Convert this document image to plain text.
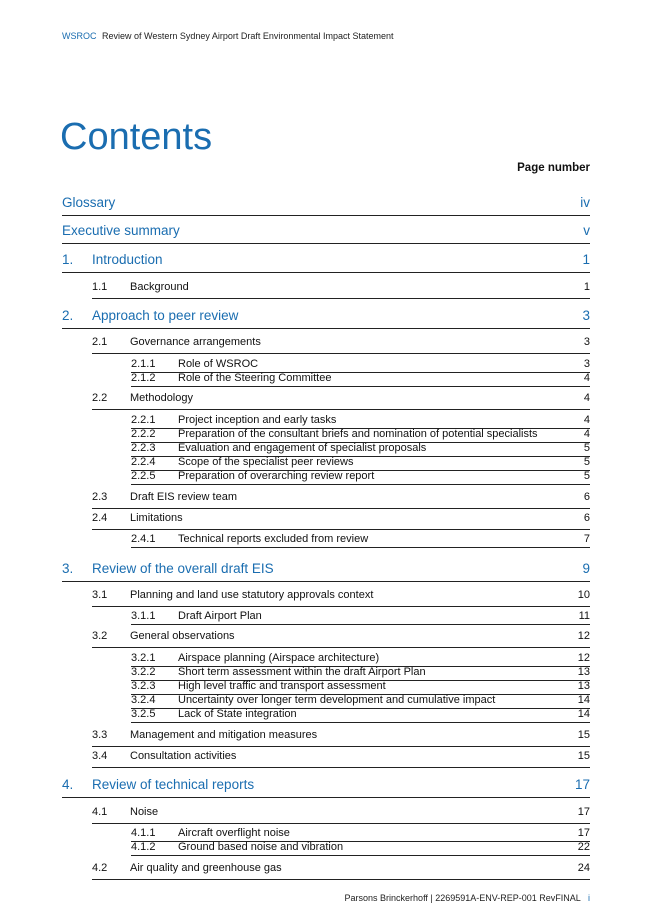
WSROC Review of Western Sydney Airport Draft Environmental Impact Statement
Contents
Page number
Glossary	iv
Executive summary	v
1. Introduction	1
1.1 Background	1
2. Approach to peer review	3
2.1 Governance arrangements	3
2.1.1 Role of WSROC	3
2.1.2 Role of the Steering Committee	4
2.2 Methodology	4
2.2.1 Project inception and early tasks	4
2.2.2 Preparation of the consultant briefs and nomination of potential specialists	4
2.2.3 Evaluation and engagement of specialist proposals	5
2.2.4 Scope of the specialist peer reviews	5
2.2.5 Preparation of overarching review report	5
2.3 Draft EIS review team	6
2.4 Limitations	6
2.4.1 Technical reports excluded from review	7
3. Review of the overall draft EIS	9
3.1 Planning and land use statutory approvals context	10
3.1.1 Draft Airport Plan	11
3.2 General observations	12
3.2.1 Airspace planning (Airspace architecture)	12
3.2.2 Short term assessment within the draft Airport Plan	13
3.2.3 High level traffic and transport assessment	13
3.2.4 Uncertainty over longer term development and cumulative impact	14
3.2.5 Lack of State integration	14
3.3 Management and mitigation measures	15
3.4 Consultation activities	15
4. Review of technical reports	17
4.1 Noise	17
4.1.1 Aircraft overflight noise	17
4.1.2 Ground based noise and vibration	22
4.2 Air quality and greenhouse gas	24
Parsons Brinckerhoff | 2269591A-ENV-REP-001 RevFINAL i
